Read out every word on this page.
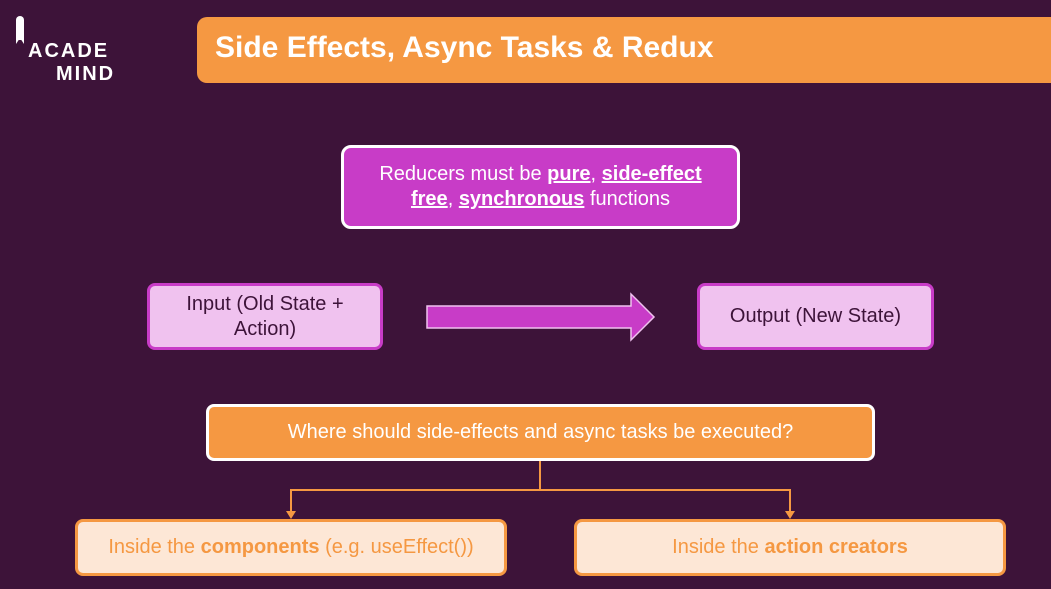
ACADE
MIND
Side Effects, Async Tasks & Redux
Reducers must be pure, side-effect free, synchronous functions
Input (Old State + Action)
Output (New State)
Where should side-effects and async tasks be executed?
Inside the components (e.g. useEffect())	Inside the action creators
